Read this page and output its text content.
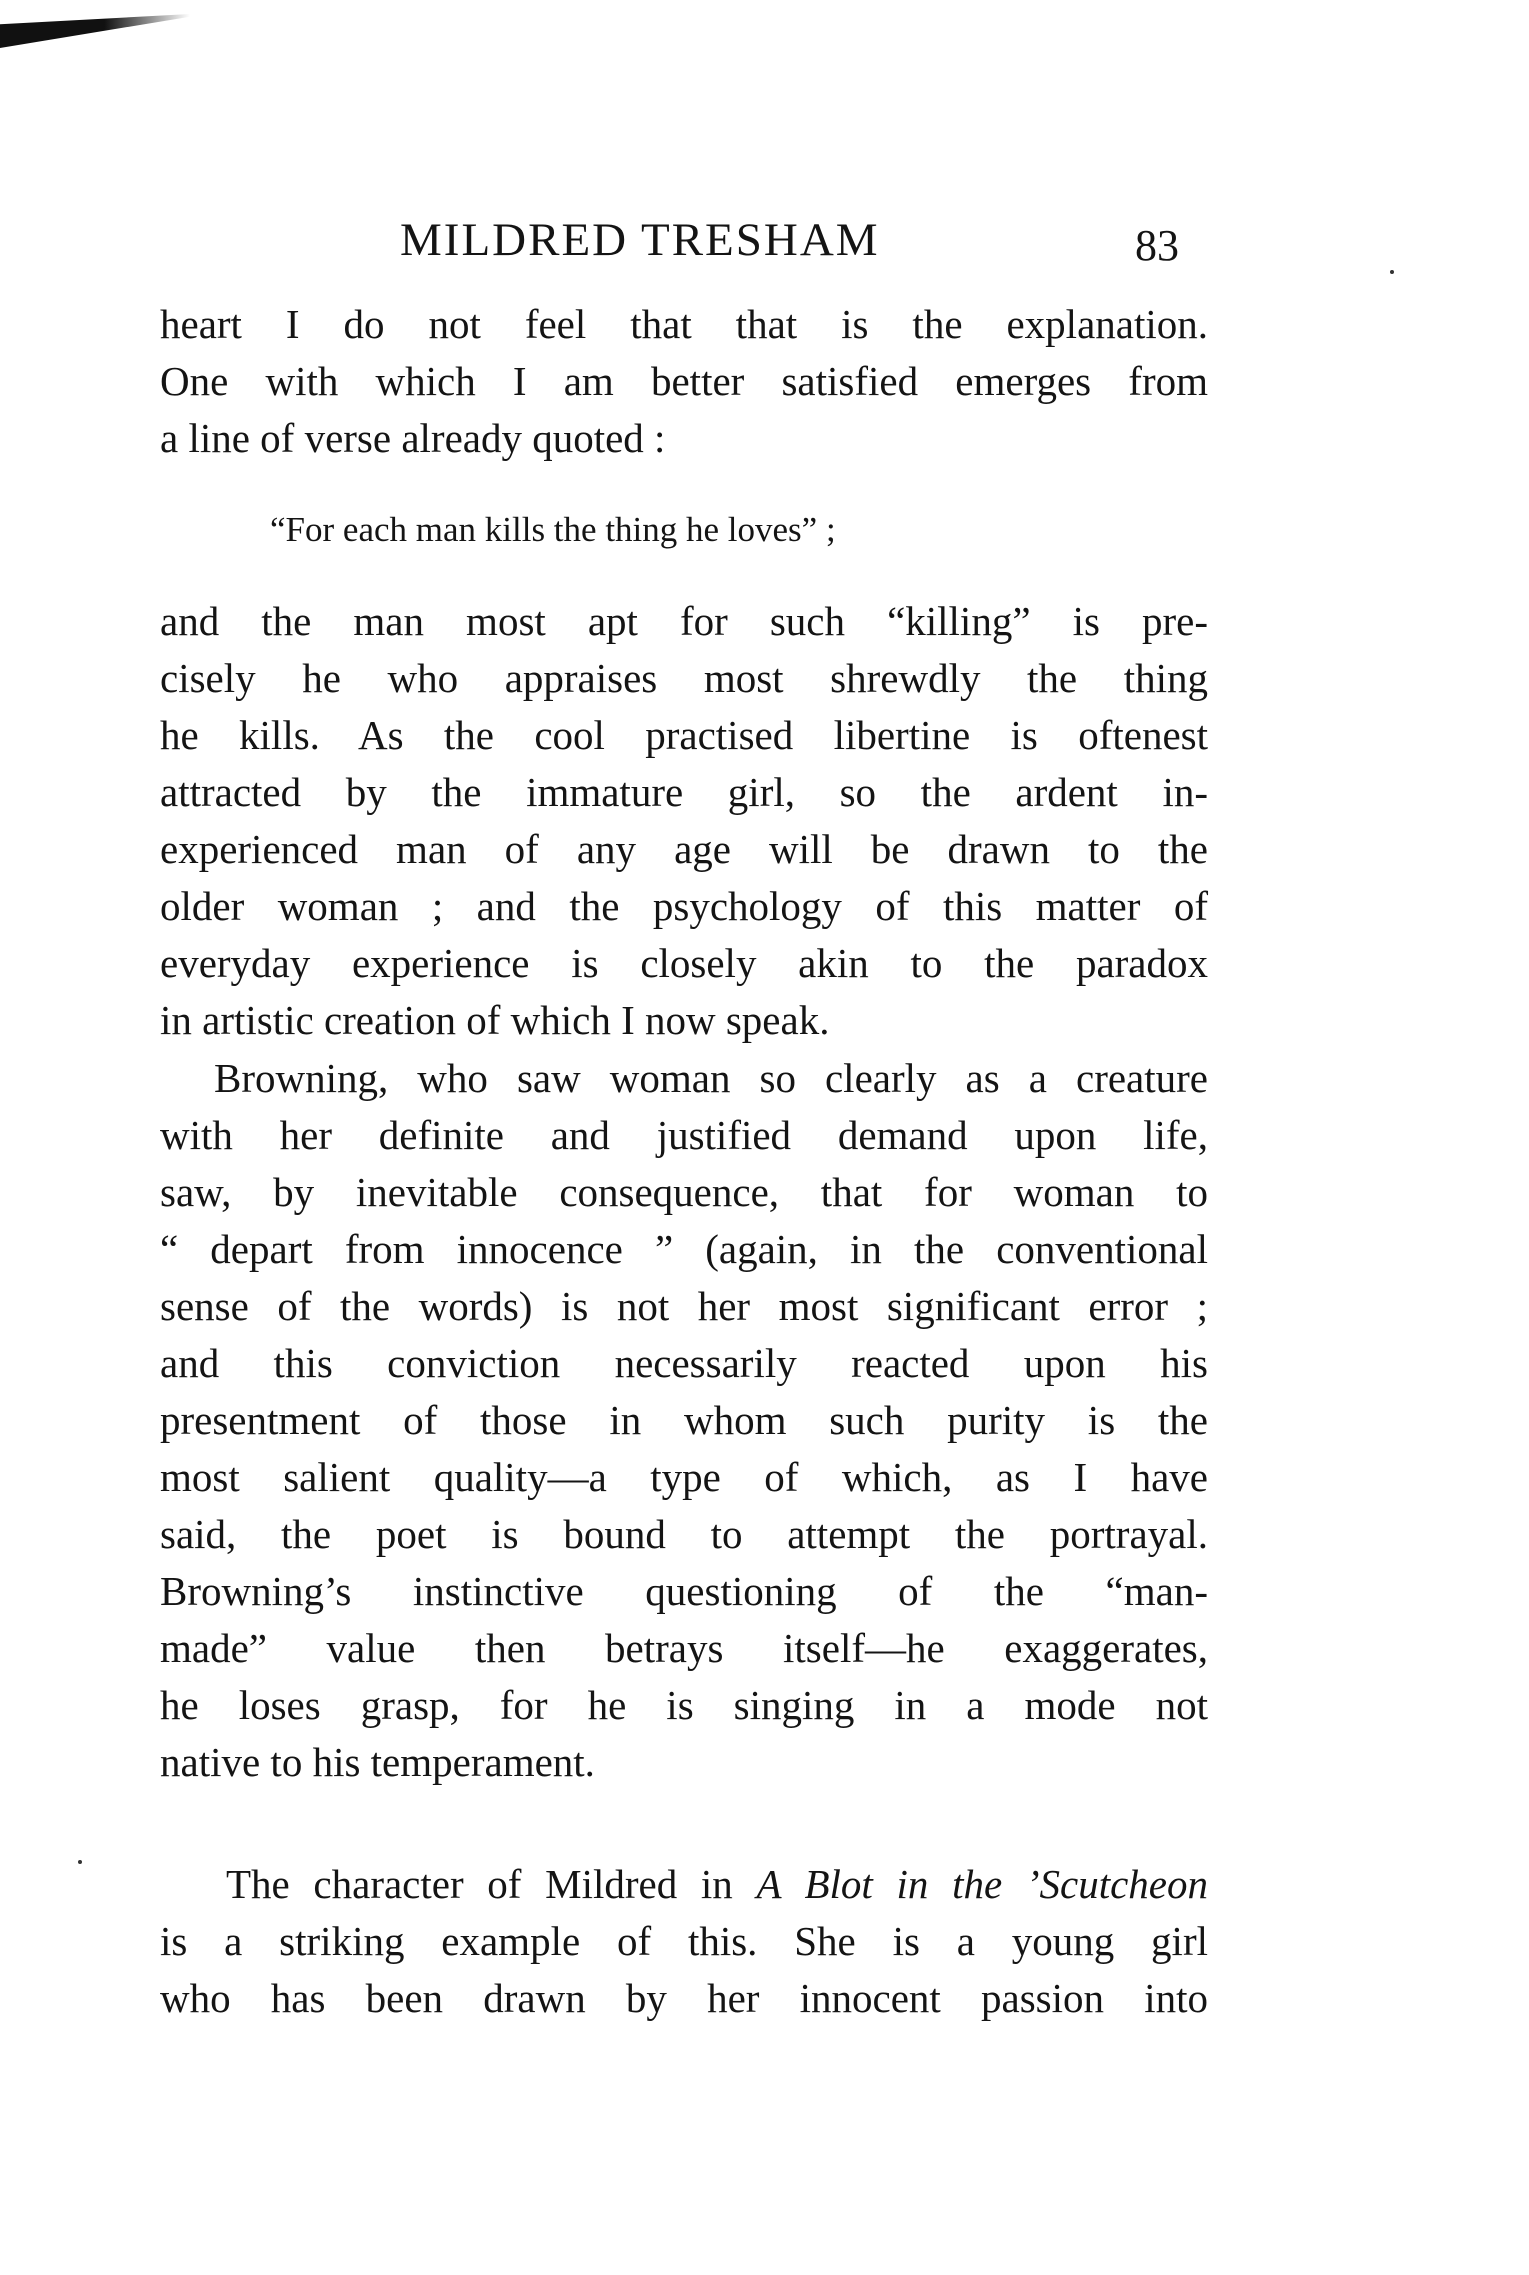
MILDRED TRESHAM	83
heart I do not feel that that is the explanation.
One with which I am better satisfied emerges from
a line of verse already quoted :
“For each man kills the thing he loves” ;
and the man most apt for such “killing” is pre-
cisely he who appraises most shrewdly the thing
he kills. As the cool practised libertine is oftenest
attracted by the immature girl, so the ardent in-
experienced man of any age will be drawn to the
older woman ; and the psychology of this matter of
everyday experience is closely akin to the paradox
in artistic creation of which I now speak.
Browning, who saw woman so clearly as a creature
with her definite and justified demand upon life,
saw, by inevitable consequence, that for woman to
“ depart from innocence ” (again, in the conventional
sense of the words) is not her most significant error ;
and this conviction necessarily reacted upon his
presentment of those in whom such purity is the
most salient quality—a type of which, as I have
said, the poet is bound to attempt the portrayal.
Browning’s instinctive questioning of the “man-
made” value then betrays itself—he exaggerates,
he loses grasp, for he is singing in a mode not
native to his temperament.
The character of Mildred in A Blot in the ’Scutcheon
is a striking example of this. She is a young girl
who has been drawn by her innocent passion into
